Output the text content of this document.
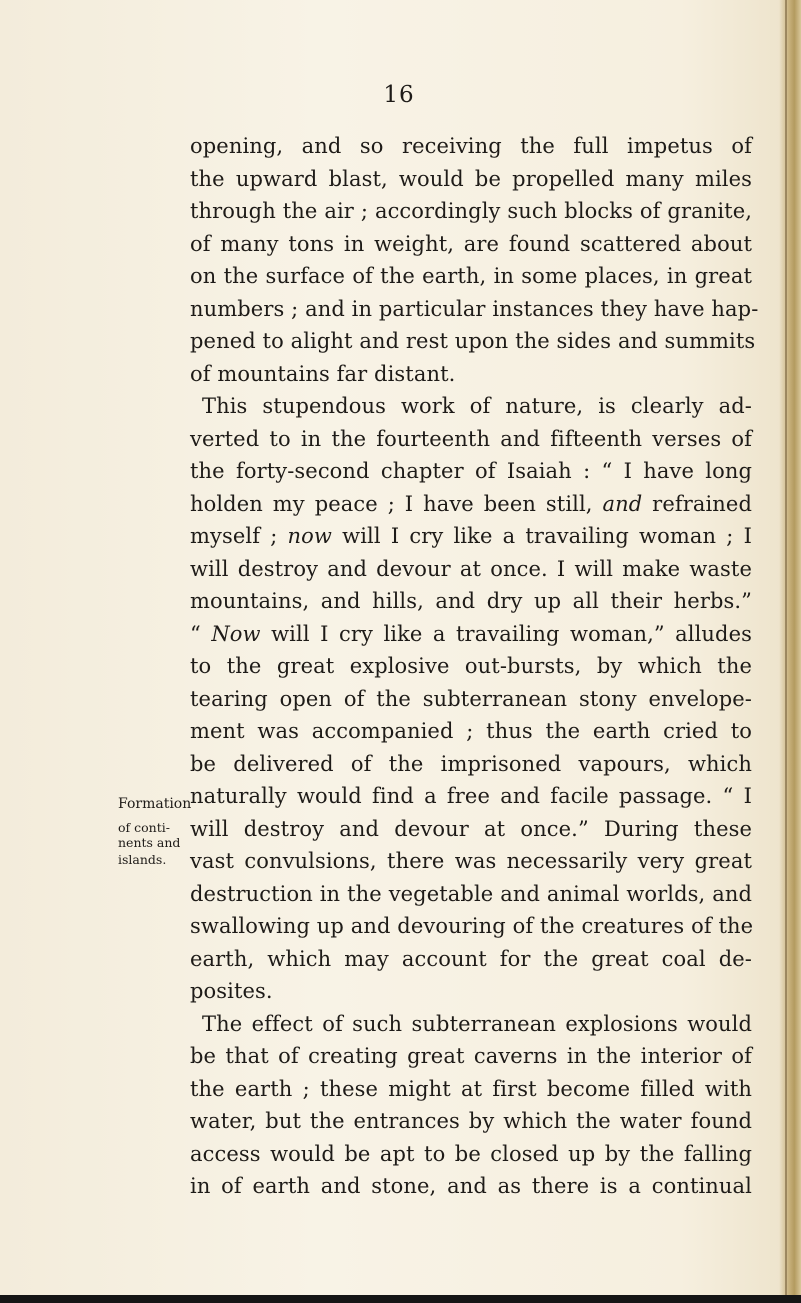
16
opening, and so receiving the full impetus of
the upward blast, would be propelled many miles
through the air ; accordingly such blocks of granite,
of many tons in weight, are found scattered about
on the surface of the earth, in some places, in great
numbers ; and in particular instances they have hap-
pened to alight and rest upon the sides and summits
of mountains far distant.
This stupendous work of nature, is clearly ad-
verted to in the fourteenth and fifteenth verses of
the forty-second chapter of Isaiah : “ I have long
holden my peace ; I have been still, and refrained
myself ; now will I cry like a travailing woman ; I
will destroy and devour at once. I will make waste
mountains, and hills, and dry up all their herbs.”
“ Now will I cry like a travailing woman,” alludes
to the great explosive out-bursts, by which the
tearing open of the subterranean stony envelope-
ment was accompanied ; thus the earth cried to
be delivered of the imprisoned vapours, which
naturally would find a free and facile passage. “ I
will destroy and devour at once.” During these
vast convulsions, there was necessarily very great
destruction in the vegetable and animal worlds, and
swallowing up and devouring of the creatures of the
earth, which may account for the great coal de-
posites.
The effect of such subterranean explosions would
be that of creating great caverns in the interior of
the earth ; these might at first become filled with
water, but the entrances by which the water found
access would be apt to be closed up by the falling
in of earth and stone, and as there is a continual
Formation
of conti-
nents and
islands.
